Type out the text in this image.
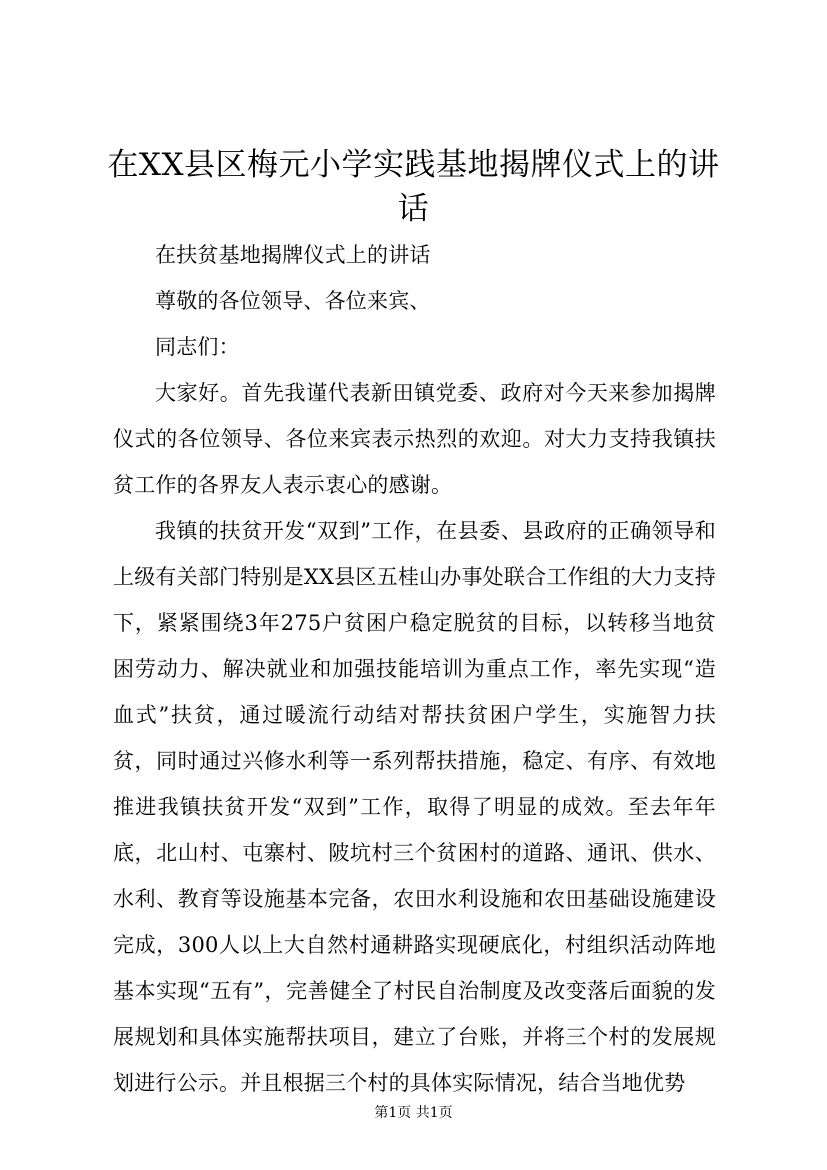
在XX县区梅元小学实践基地揭牌仪式上的讲话

在扶贫基地揭牌仪式上的讲话

尊敬的各位领导、各位来宾、

同志们：

大家好。首先我谨代表新田镇党委、政府对今天来参加揭牌仪式的各位领导、各位来宾表示热烈的欢迎。对大力支持我镇扶贫工作的各界友人表示衷心的感谢。

我镇的扶贫开发“双到”工作，在县委、县政府的正确领导和上级有关部门特别是XX县区五桂山办事处联合工作组的大力支持下，紧紧围绕3年275户贫困户稳定脱贫的目标，以转移当地贫困劳动力、解决就业和加强技能培训为重点工作，率先实现“造血式”扶贫，通过暖流行动结对帮扶贫困户学生，实施智力扶贫，同时通过兴修水利等一系列帮扶措施，稳定、有序、有效地推进我镇扶贫开发“双到”工作，取得了明显的成效。至去年年底，北山村、屯寨村、陂坑村三个贫困村的道路、通讯、供水、水利、教育等设施基本完备，农田水利设施和农田基础设施建设完成，300人以上大自然村通耕路实现硬底化，村组织活动阵地基本实现“五有”，完善健全了村民自治制度及改变落后面貌的发展规划和具体实施帮扶项目，建立了台账，并将三个村的发展规划进行公示。并且根据三个村的具体实际情况，结合当地优势

第1页 共1页
